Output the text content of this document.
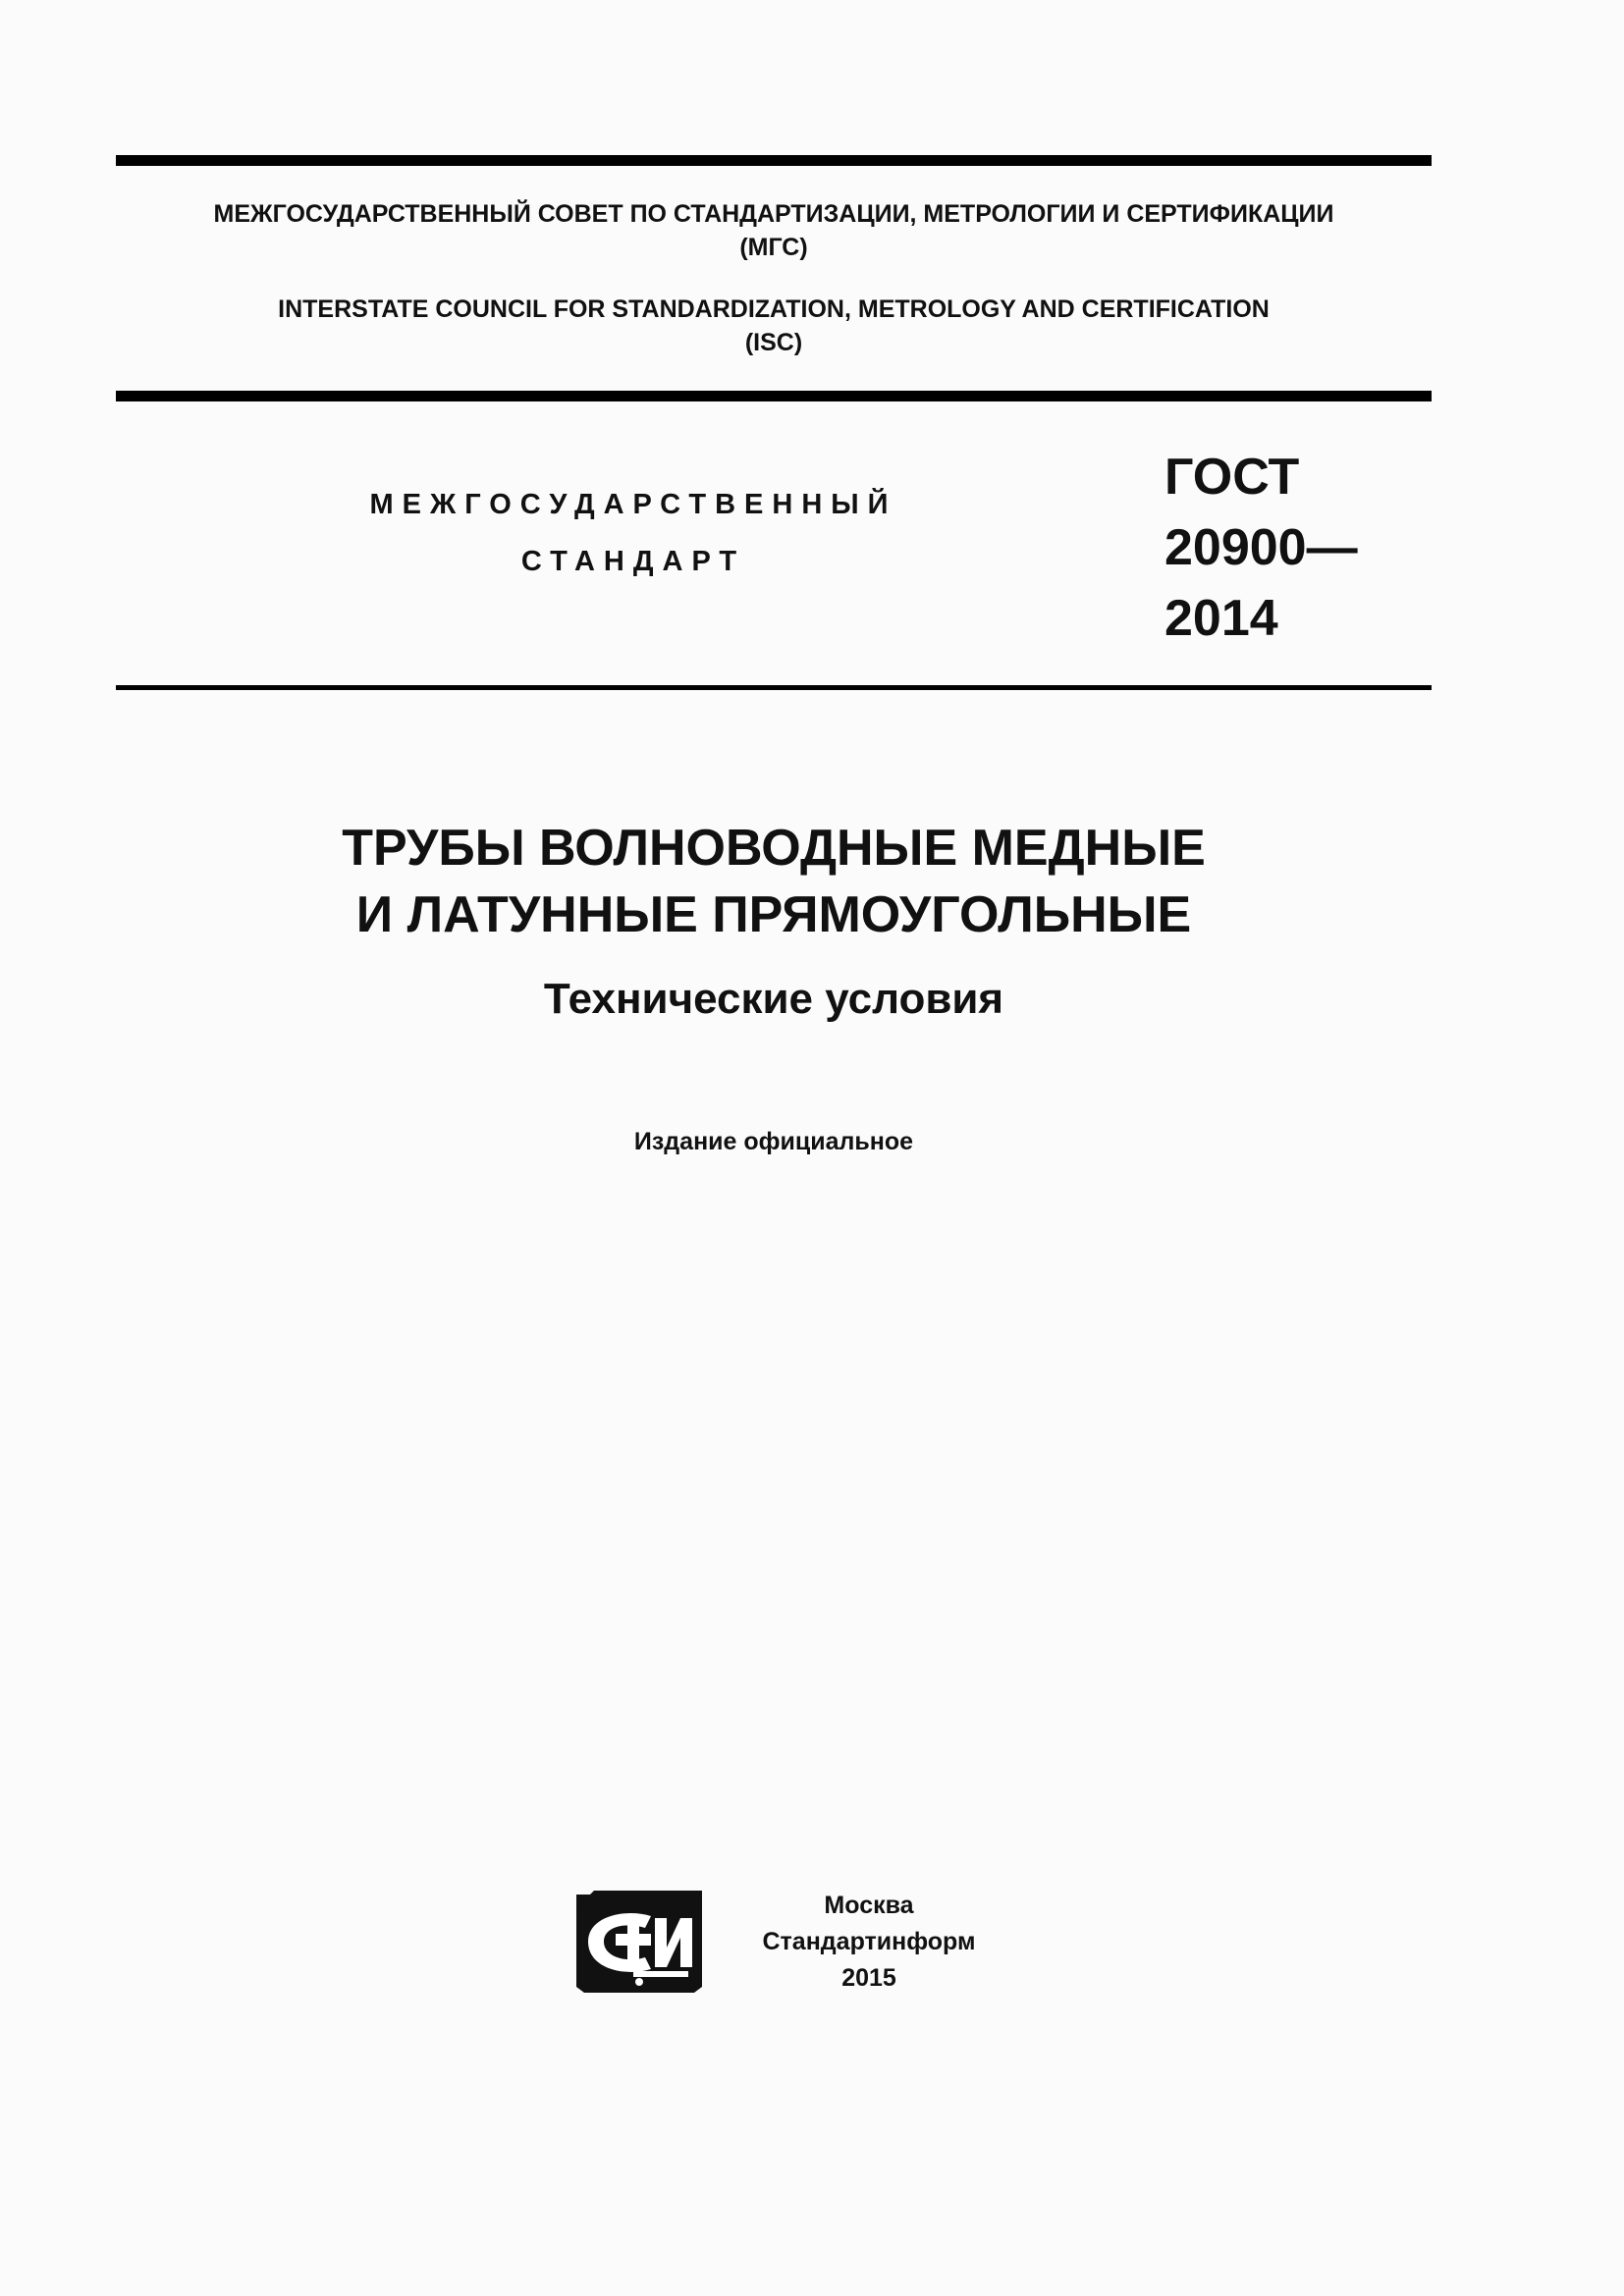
МЕЖГОСУДАРСТВЕННЫЙ СОВЕТ ПО СТАНДАРТИЗАЦИИ, МЕТРОЛОГИИ И СЕРТИФИКАЦИИ
(МГС)
INTERSTATE COUNCIL FOR STANDARDIZATION, METROLOGY AND CERTIFICATION
(ISC)
МЕЖГОСУДАРСТВЕННЫЙ
СТАНДАРТ
ГОСТ
20900—
2014
ТРУБЫ ВОЛНОВОДНЫЕ МЕДНЫЕ
И ЛАТУННЫЕ ПРЯМОУГОЛЬНЫЕ
Технические условия
Издание официальное
Москва
Стандартинформ
2015
